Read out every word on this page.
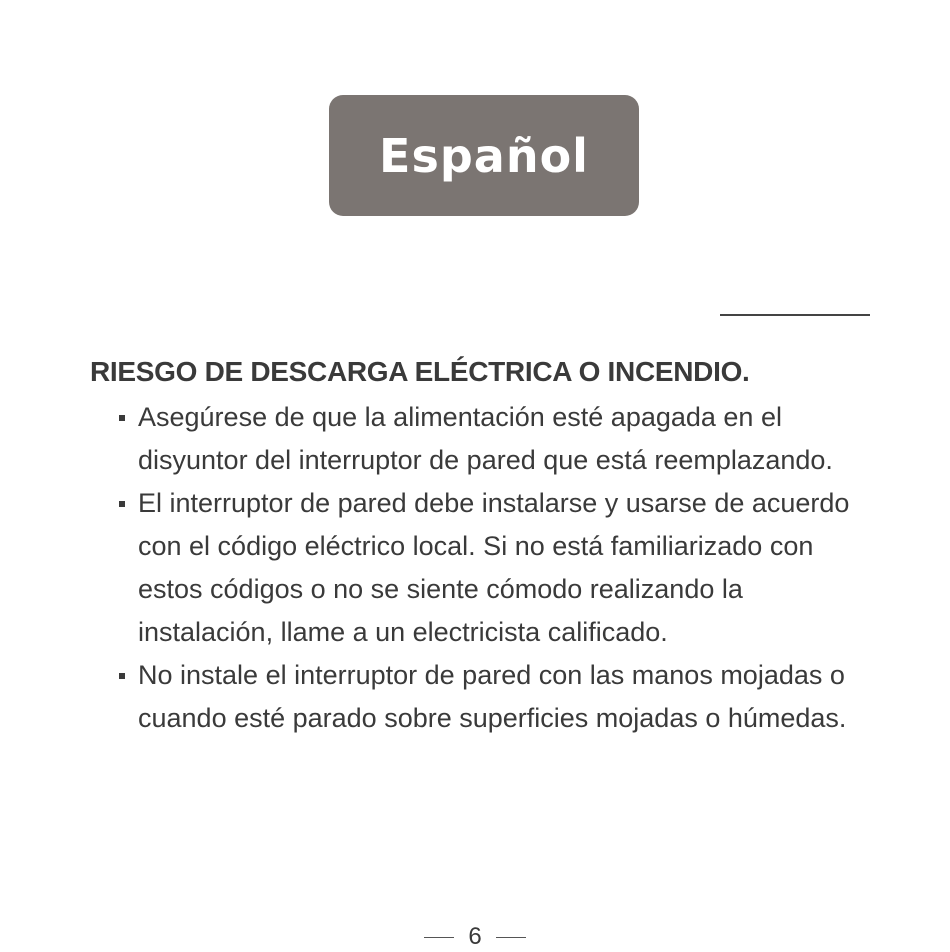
Español
RIESGO DE DESCARGA ELÉCTRICA O INCENDIO.
Asegúrese de que la alimentación esté apagada en el disyuntor del interruptor de pared que está reemplazando.
El interruptor de pared debe instalarse y usarse de acuerdo con el código eléctrico local. Si no está familiarizado con estos códigos o no se siente cómodo realizando la instalación, llame a un electricista calificado.
No instale el interruptor de pared con las manos mojadas o cuando esté parado sobre superficies mojadas o húmedas.
6
